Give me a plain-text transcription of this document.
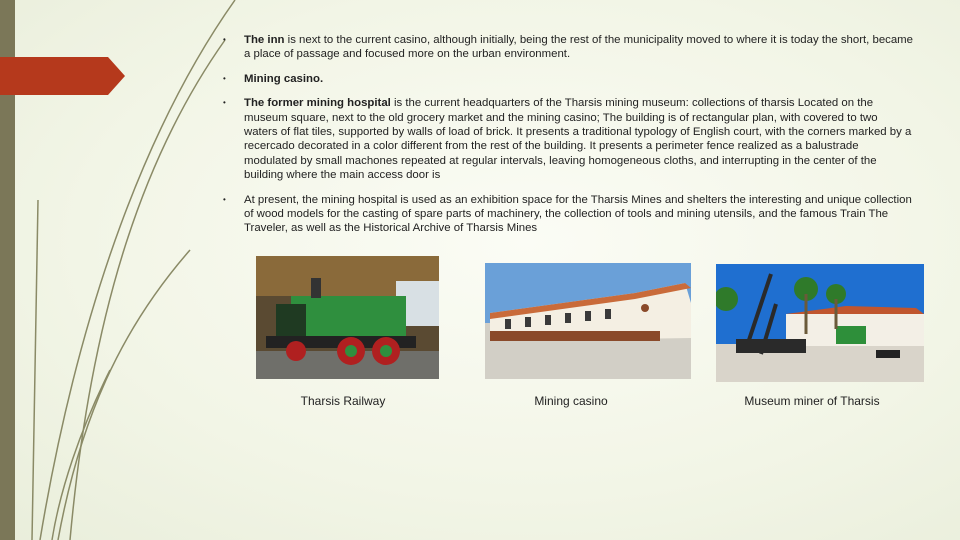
• The inn is next to the current casino, although initially, being the rest of the municipality moved to where it is today the short, became a place of passage and focused more on the urban environment.
• Mining casino.
• The former mining hospital is the current headquarters of the Tharsis mining museum: collections of tharsis Located on the museum square, next to the old grocery market and the mining casino; The building is of rectangular plan, with covered to two waters of flat tiles, supported by walls of load of brick. It presents a traditional typology of English court, with the corners marked by a recercado decorated in a color different from the rest of the building. It presents a perimeter fence realized as a balustrade modulated by small machones repeated at regular intervals, leaving homogeneous cloths, and interrupting in the center of the building where the main access door is
• At present, the mining hospital is used as an exhibition space for the Tharsis Mines and shelters the interesting and unique collection of wood models for the casting of spare parts of machinery, the collection of tools and mining utensils, and the famous Train The Traveler, as well as the Historical Archive of Tharsis Mines
Tharsis Railway	Mining casino	Museum miner of Tharsis
